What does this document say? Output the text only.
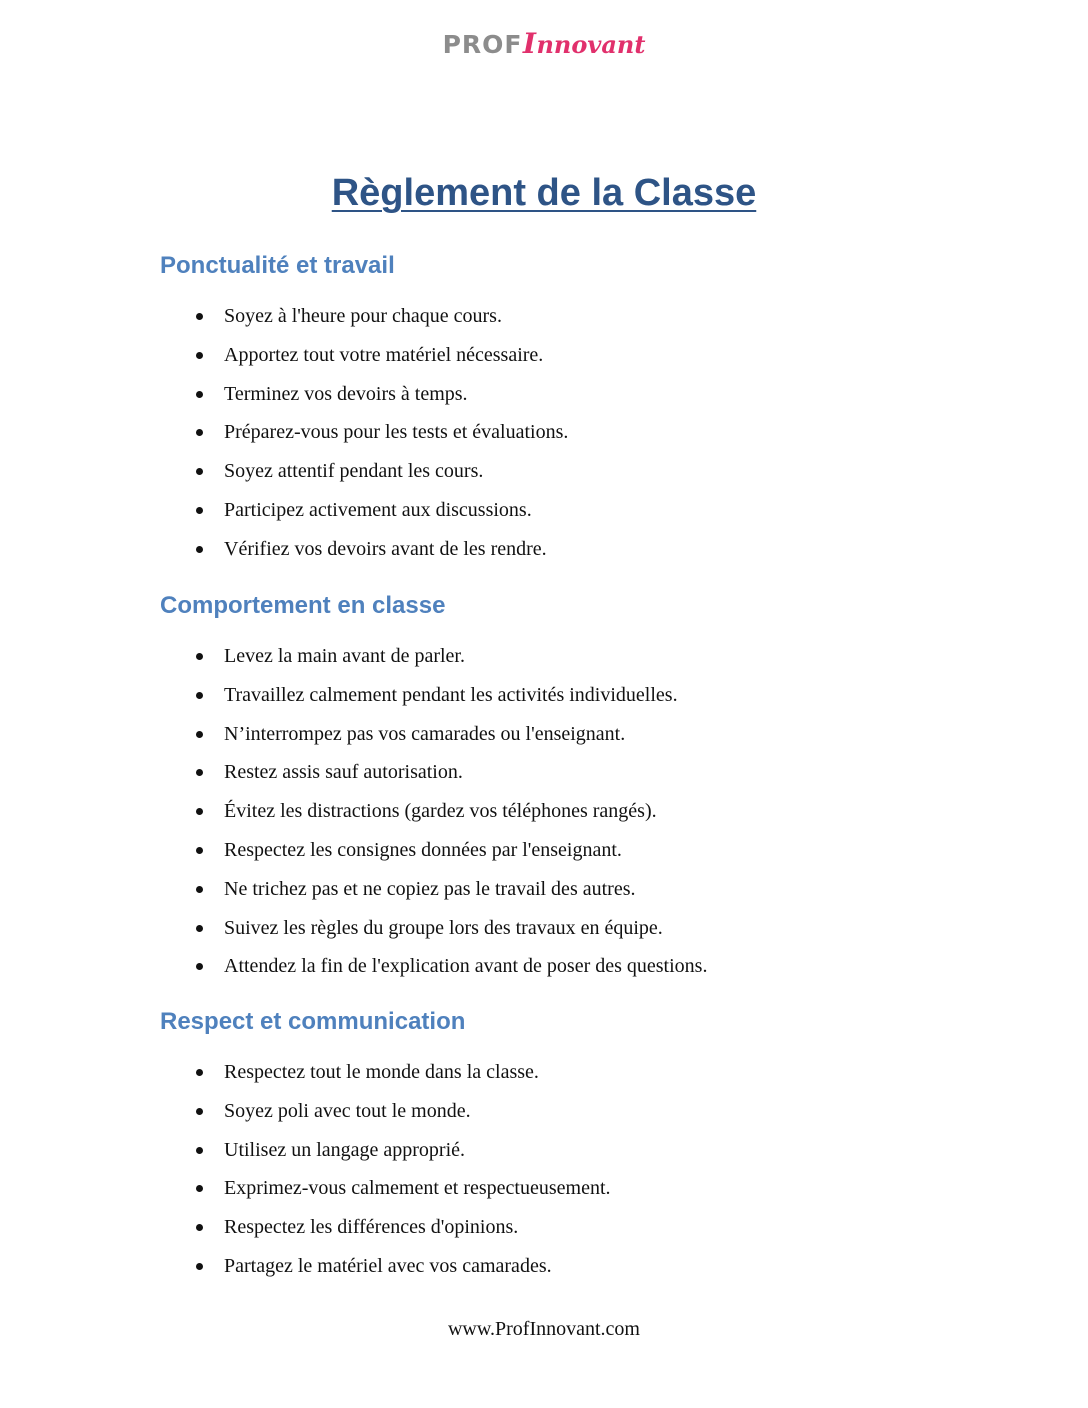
PROF
Innovant
Règlement de la Classe
Ponctualité et travail
Soyez à l'heure pour chaque cours.
Apportez tout votre matériel nécessaire.
Terminez vos devoirs à temps.
Préparez-vous pour les tests et évaluations.
Soyez attentif pendant les cours.
Participez activement aux discussions.
Vérifiez vos devoirs avant de les rendre.
Comportement en classe
Levez la main avant de parler.
Travaillez calmement pendant les activités individuelles.
N’interrompez pas vos camarades ou l'enseignant.
Restez assis sauf autorisation.
Évitez les distractions (gardez vos téléphones rangés).
Respectez les consignes données par l'enseignant.
Ne trichez pas et ne copiez pas le travail des autres.
Suivez les règles du groupe lors des travaux en équipe.
Attendez la fin de l'explication avant de poser des questions.
Respect et communication
Respectez tout le monde dans la classe.
Soyez poli avec tout le monde.
Utilisez un langage approprié.
Exprimez-vous calmement et respectueusement.
Respectez les différences d'opinions.
Partagez le matériel avec vos camarades.
www.ProfInnovant.com
